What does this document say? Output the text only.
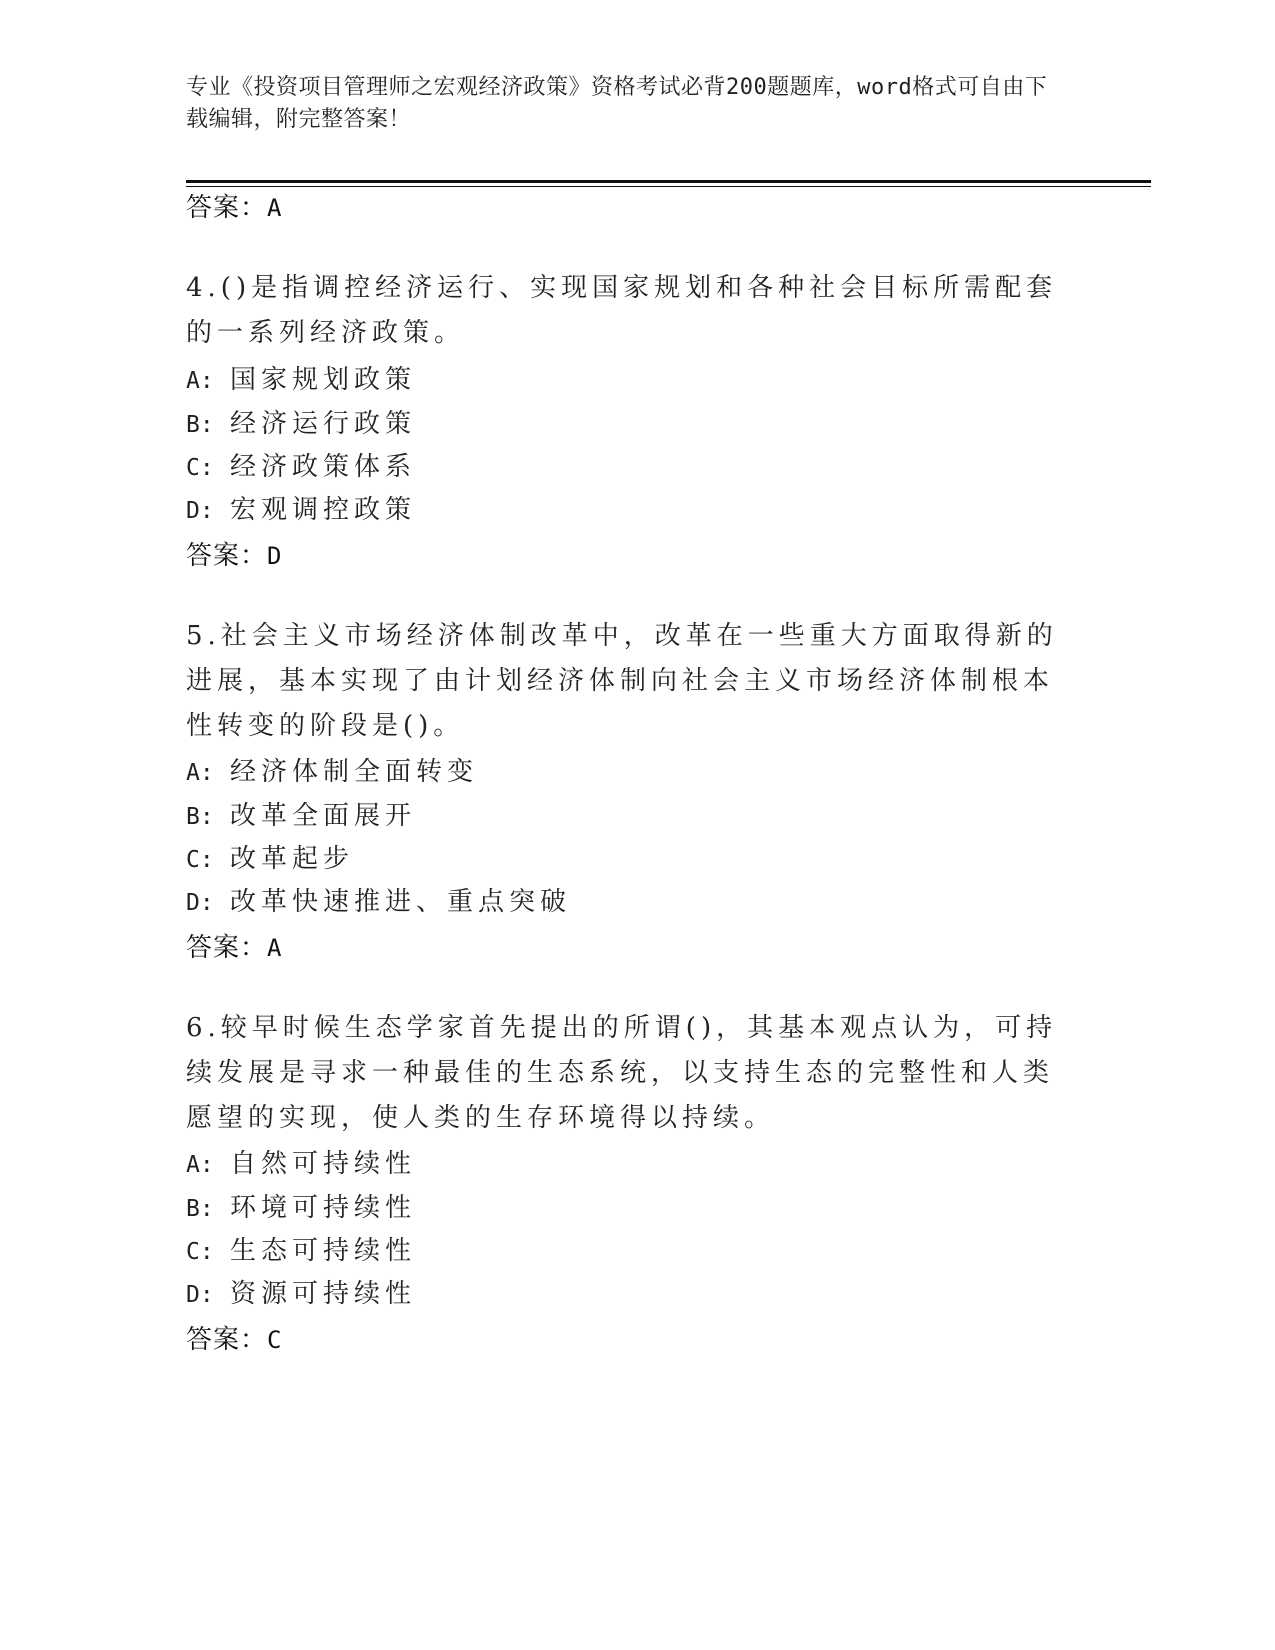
专业《投资项目管理师之宏观经济政策》资格考试必背200题题库，word格式可自由下载编辑，附完整答案！
答案：A
4.()是指调控经济运行、实现国家规划和各种社会目标所需配套的一系列经济政策。
A: 国家规划政策
B: 经济运行政策
C: 经济政策体系
D: 宏观调控政策
答案：D
5.社会主义市场经济体制改革中，改革在一些重大方面取得新的进展，基本实现了由计划经济体制向社会主义市场经济体制根本性转变的阶段是()。
A: 经济体制全面转变
B: 改革全面展开
C: 改革起步
D: 改革快速推进、重点突破
答案：A
6.较早时候生态学家首先提出的所谓()，其基本观点认为，可持续发展是寻求一种最佳的生态系统，以支持生态的完整性和人类愿望的实现，使人类的生存环境得以持续。
A: 自然可持续性
B: 环境可持续性
C: 生态可持续性
D: 资源可持续性
答案：C
